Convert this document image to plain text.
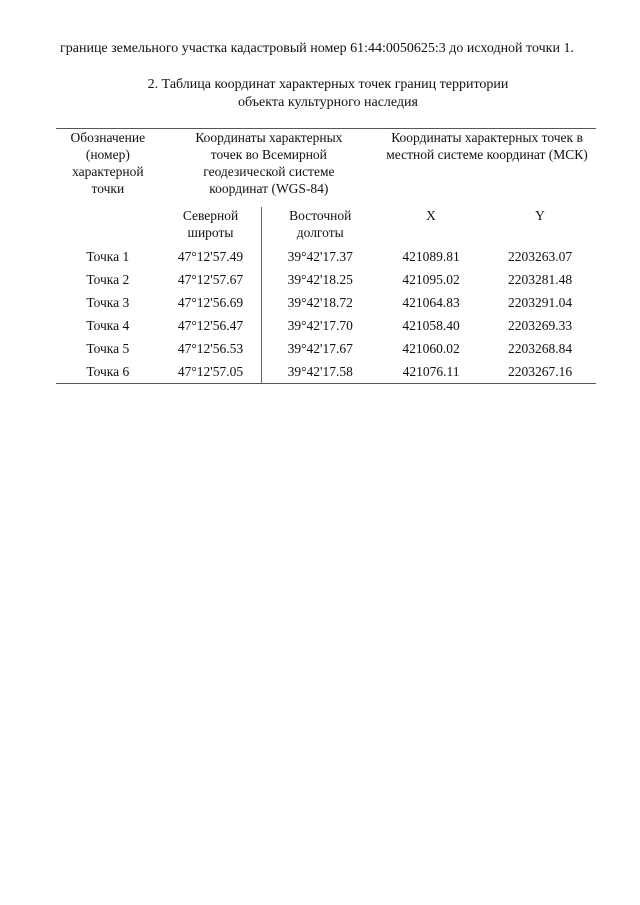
границе земельного участка кадастровый номер 61:44:0050625:3 до исходной точки 1.

2. Таблица координат характерных точек границ территории
объекта культурного наследия
Обозначение (номер) характерной точки	Координаты характерных точек во Всемирной геодезической системе координат (WGS-84)		Координаты характерных точек в местной системе координат (МСК)	

	Северной широты	Восточной долготы	X	Y
Точка 1	47°12'57.49	39°42'17.37	421089.81	2203263.07
Точка 2	47°12'57.67	39°42'18.25	421095.02	2203281.48
Точка 3	47°12'56.69	39°42'18.72	421064.83	2203291.04
Точка 4	47°12'56.47	39°42'17.70	421058.40	2203269.33
Точка 5	47°12'56.53	39°42'17.67	421060.02	2203268.84
Точка 6	47°12'57.05	39°42'17.58	421076.11	2203267.16
